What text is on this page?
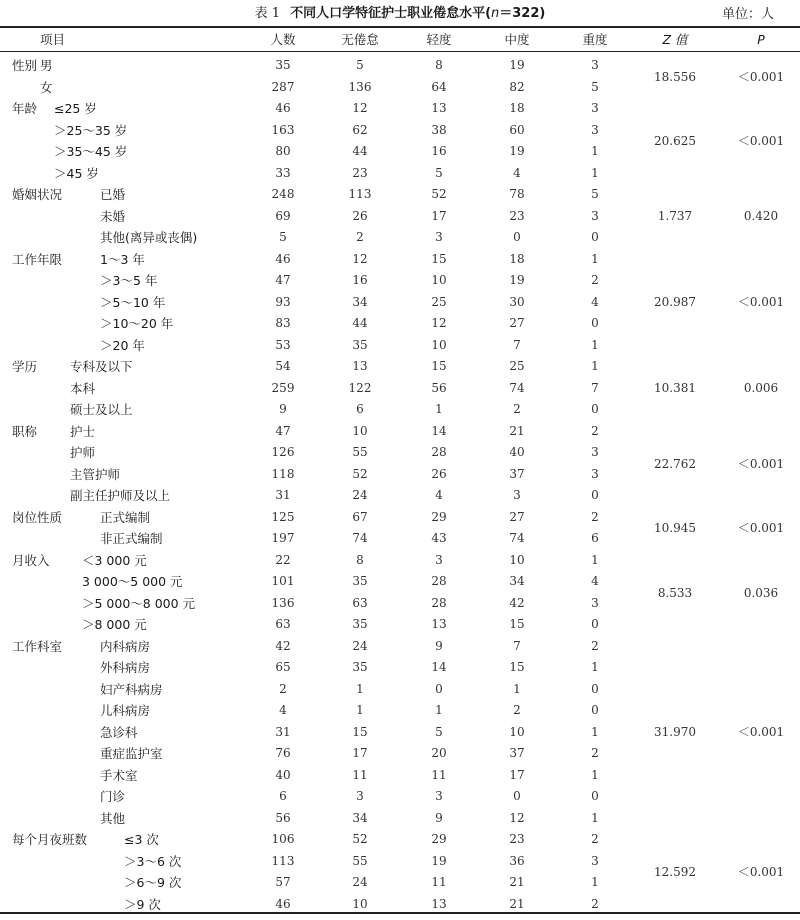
表 1 不同人口学特征护士职业倦怠水平(n＝322)	单位：人
项目	人数	无倦怠	轻度	中度	重度	Z 值	P
性别 男	35	5	8	19	3
女	287	136	64	82	5
18.556	＜0.001
年龄 ≤25 岁	46	12	13	18	3
＞25～35 岁	163	62	38	60	3
＞35～45 岁	80	44	16	19	1
＞45 岁	33	23	5	4	1
20.625	＜0.001
婚姻状况	已婚	248	113	52	78	5
未婚	69	26	17	23	3
其他(离异或丧偶)	5	2	3	0	0
1.737	0.420
工作年限	1～3 年	46	12	15	18	1
＞3～5 年	47	16	10	19	2
＞5～10 年	93	34	25	30	4
＞10～20 年	83	44	12	27	0
＞20 年	53	35	10	7	1
20.987	＜0.001
学历	专科及以下	54	13	15	25	1
本科	259	122	56	74	7
硕士及以上	9	6	1	2	0
10.381	0.006
职称	护士	47	10	14	21	2
护师	126	55	28	40	3
主管护师	118	52	26	37	3
副主任护师及以上	31	24	4	3	0
22.762	＜0.001
岗位性质	正式编制	125	67	29	27	2
非正式编制	197	74	43	74	6
10.945	＜0.001
月收入	＜3 000 元	22	8	3	10	1
3 000～5 000 元	101	35	28	34	4
＞5 000～8 000 元	136	63	28	42	3
＞8 000 元	63	35	13	15	0
8.533	0.036
工作科室	内科病房	42	24	9	7	2
外科病房	65	35	14	15	1
妇产科病房	2	1	0	1	0
儿科病房	4	1	1	2	0
急诊科	31	15	5	10	1
重症监护室	76	17	20	37	2
手术室	40	11	11	17	1
门诊	6	3	3	0	0
其他	56	34	9	12	1
31.970	＜0.001
每个月夜班数	≤3 次	106	52	29	23	2
＞3～6 次	113	55	19	36	3
＞6～9 次	57	24	11	21	1
＞9 次	46	10	13	21	2
12.592	＜0.001
